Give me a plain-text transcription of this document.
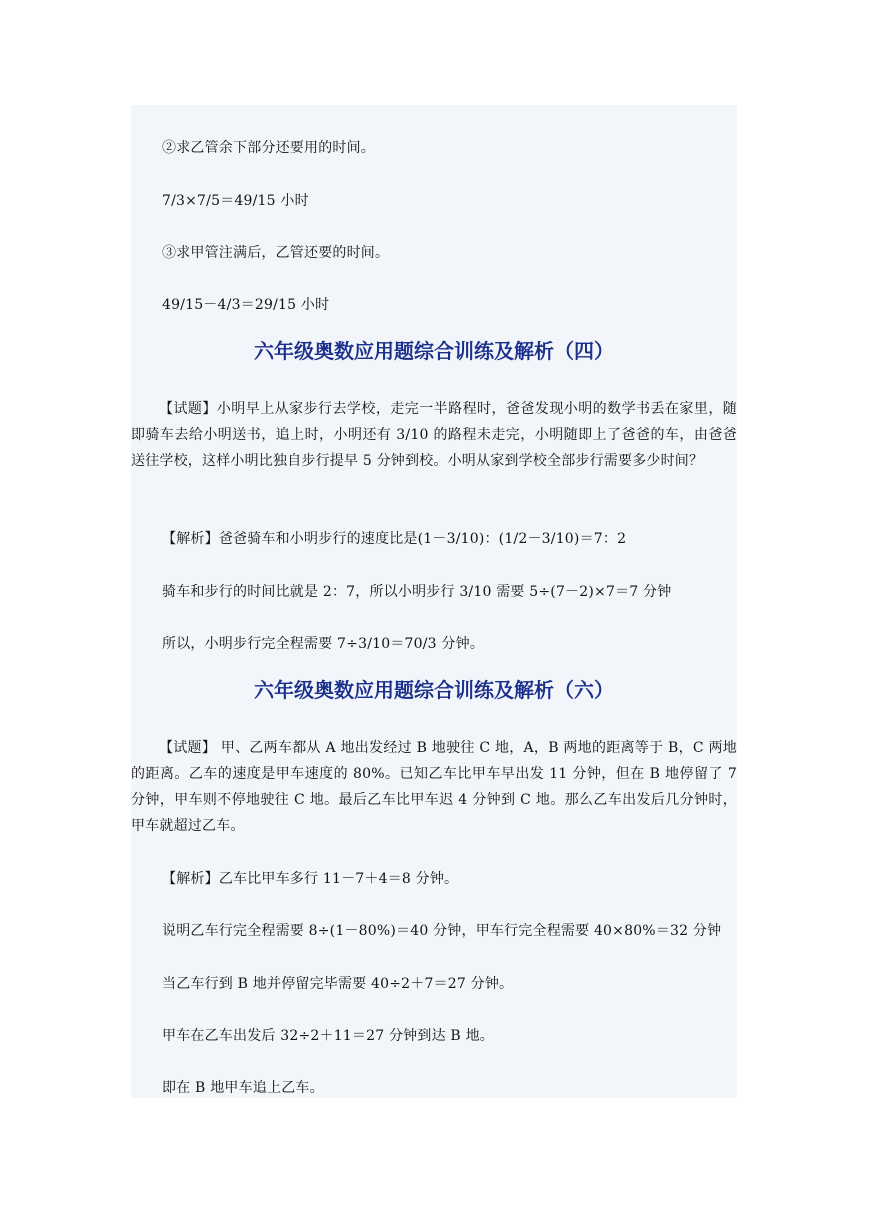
②求乙管余下部分还要用的时间。
7/3×7/5＝49/15 小时
③求甲管注满后，乙管还要的时间。
49/15－4/3＝29/15 小时
六年级奥数应用题综合训练及解析（四）
【试题】小明早上从家步行去学校，走完一半路程时，爸爸发现小明的数学书丢在家里，随即骑车去给小明送书，追上时，小明还有 3/10 的路程未走完，小明随即上了爸爸的车，由爸爸送往学校，这样小明比独自步行提早 5 分钟到校。小明从家到学校全部步行需要多少时间？
【解析】爸爸骑车和小明步行的速度比是(1－3/10)：(1/2－3/10)＝7：2
骑车和步行的时间比就是 2：7，所以小明步行 3/10 需要 5÷(7－2)×7＝7 分钟
所以，小明步行完全程需要 7÷3/10＝70/3 分钟。
六年级奥数应用题综合训练及解析（六）
【试题】 甲、乙两车都从 A 地出发经过 B 地驶往 C 地，A，B 两地的距离等于 B，C 两地的距离。乙车的速度是甲车速度的 80%。已知乙车比甲车早出发 11 分钟，但在 B 地停留了 7 分钟，甲车则不停地驶往 C 地。最后乙车比甲车迟 4 分钟到 C 地。那么乙车出发后几分钟时，甲车就超过乙车。
【解析】乙车比甲车多行 11－7＋4＝8 分钟。
说明乙车行完全程需要 8÷(1－80%)＝40 分钟，甲车行完全程需要 40×80%＝32 分钟
当乙车行到 B 地并停留完毕需要 40÷2＋7＝27 分钟。
甲车在乙车出发后 32÷2＋11＝27 分钟到达 B 地。
即在 B 地甲车追上乙车。
